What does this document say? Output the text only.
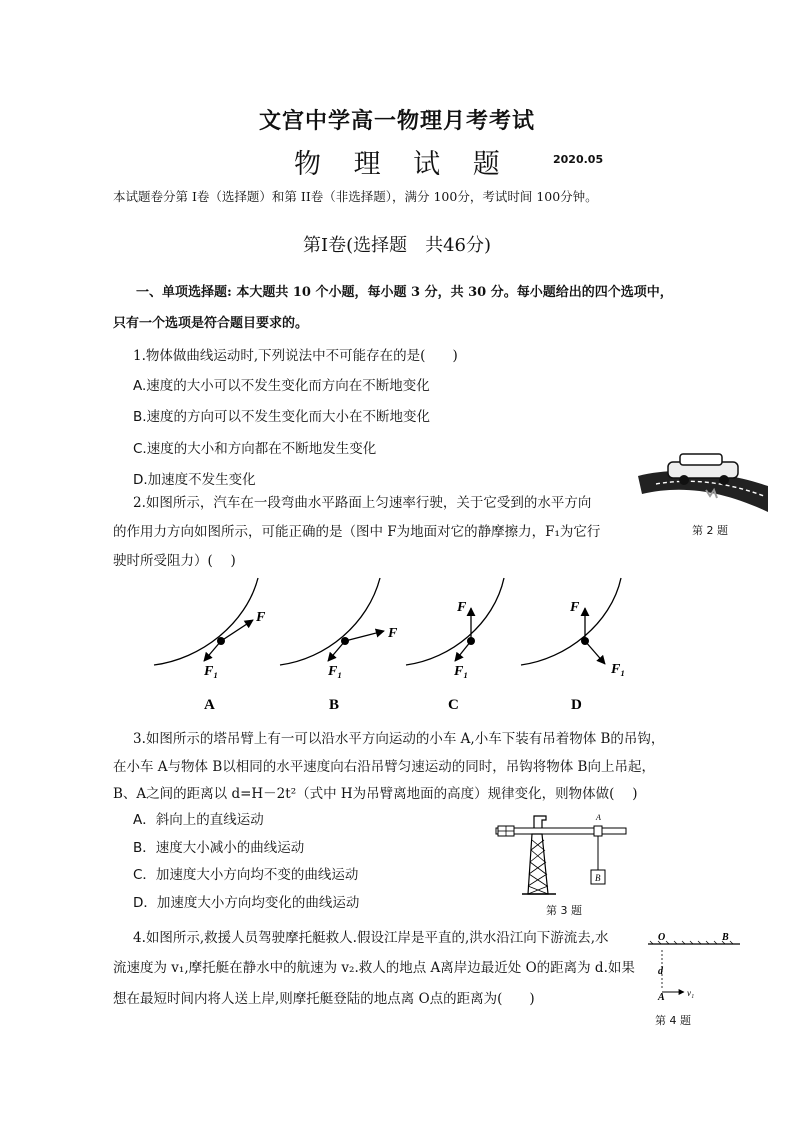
文宫中学高一物理月考考试
物 理 试 题	2020.05
本试题卷分第 I卷（选择题）和第 II卷（非选择题），满分 100分，考试时间 100分钟。
第Ⅰ卷(选择题　共46分)
一、单项选择题: 本大题共 10 个小题，每小题 3 分，共 30 分。每小题给出的四个选项中，
只有一个选项是符合题目要求的。
1.物体做曲线运动时,下列说法中不可能存在的是(　　)
A.速度的大小可以不发生变化而方向在不断地变化
B.速度的方向可以不发生变化而大小在不断地变化
C.速度的大小和方向都在不断地发生变化
D.加速度不发生变化
2.如图所示，汽车在一段弯曲水平路面上匀速率行驶，关于它受到的水平方向
的作用力方向如图所示，可能正确的是（图中 F为地面对它的静摩擦力，F₁为它行
驶时所受阻力）(　 )
第 2 题
F
F₁
A
F
F₁
B
F
F₁
C
F
F₁
D
3.如图所示的塔吊臂上有一可以沿水平方向运动的小车 A,小车下装有吊着物体 B的吊钩，
在小车 A与物体 B以相同的水平速度向右沿吊臂匀速运动的同时，吊钩将物体 B向上吊起，
B、A之间的距离以 d=H－2t²（式中 H为吊臂离地面的高度）规律变化，则物体做(　 )
A．斜向上的直线运动
B．速度大小减小的曲线运动
C．加速度大小方向均不变的曲线运动
D．加速度大小方向均变化的曲线运动
A
B
第 3 题
4.如图所示,救援人员驾驶摩托艇救人.假设江岸是平直的,洪水沿江向下游流去,水
流速度为 v₁,摩托艇在静水中的航速为 v₂.救人的地点 A离岸边最近处 O的距离为 d.如果
想在最短时间内将人送上岸,则摩托艇登陆的地点离 O点的距离为(　　)
O	B
d
A v₁
第 4 题
